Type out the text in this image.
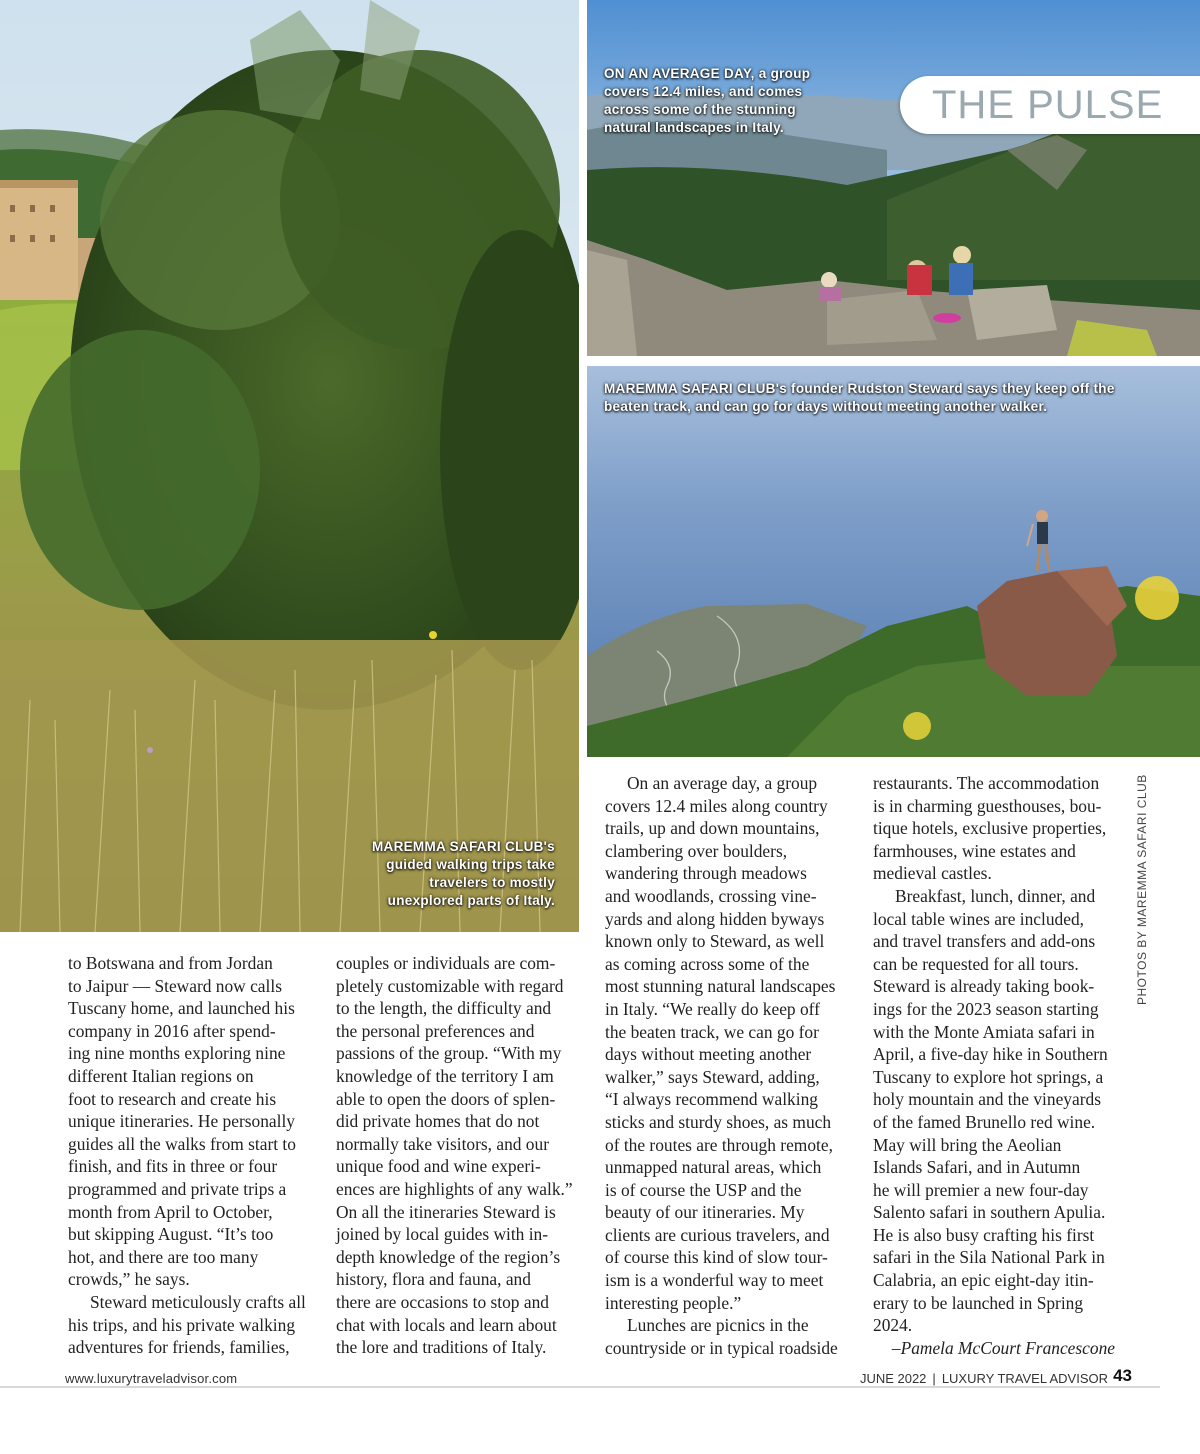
MAREMMA SAFARI CLUB's
guided walking trips take
travelers to mostly
unexplored parts of Italy.
ON AN AVERAGE DAY, a group
covers 12.4 miles, and comes
across some of the stunning
natural landscapes in Italy.
THE PULSE
MAREMMA SAFARI CLUB's founder Rudston Steward says they keep off the
beaten track, and can go for days without meeting another walker.
to Botswana and from Jordan
to Jaipur — Steward now calls
Tuscany home, and launched his
company in 2016 after spend-
ing nine months exploring nine
different Italian regions on
foot to research and create his
unique itineraries. He personally
guides all the walks from start to
finish, and fits in three or four
programmed and private trips a
month from April to October,
but skipping August. “It’s too
hot, and there are too many
crowds,” he says.
Steward meticulously crafts all
his trips, and his private walking
adventures for friends, families,
couples or individuals are com-
pletely customizable with regard
to the length, the difficulty and
the personal preferences and
passions of the group. “With my
knowledge of the territory I am
able to open the doors of splen-
did private homes that do not
normally take visitors, and our
unique food and wine experi-
ences are highlights of any walk.”
On all the itineraries Steward is
joined by local guides with in-
depth knowledge of the region’s
history, flora and fauna, and
there are occasions to stop and
chat with locals and learn about
the lore and traditions of Italy.
On an average day, a group
covers 12.4 miles along country
trails, up and down mountains,
clambering over boulders,
wandering through meadows
and woodlands, crossing vine-
yards and along hidden byways
known only to Steward, as well
as coming across some of the
most stunning natural landscapes
in Italy. “We really do keep off
the beaten track, we can go for
days without meeting another
walker,” says Steward, adding,
“I always recommend walking
sticks and sturdy shoes, as much
of the routes are through remote,
unmapped natural areas, which
is of course the USP and the
beauty of our itineraries. My
clients are curious travelers, and
of course this kind of slow tour-
ism is a wonderful way to meet
interesting people.”
Lunches are picnics in the
countryside or in typical roadside
restaurants. The accommodation
is in charming guesthouses, bou-
tique hotels, exclusive properties,
farmhouses, wine estates and
medieval castles.
Breakfast, lunch, dinner, and
local table wines are included,
and travel transfers and add-ons
can be requested for all tours.
Steward is already taking book-
ings for the 2023 season starting
with the Monte Amiata safari in
April, a five-day hike in Southern
Tuscany to explore hot springs, a
holy mountain and the vineyards
of the famed Brunello red wine.
May will bring the Aeolian
Islands Safari, and in Autumn
he will premier a new four-day
Salento safari in southern Apulia.
He is also busy crafting his first
safari in the Sila National Park in
Calabria, an epic eight-day itin-
erary to be launched in Spring
2024.
–Pamela McCourt Francescone
PHOTOS BY MAREMMA SAFARI CLUB
www.luxurytraveladvisor.com	JUNE 2022 | LUXURY TRAVEL ADVISOR 43
